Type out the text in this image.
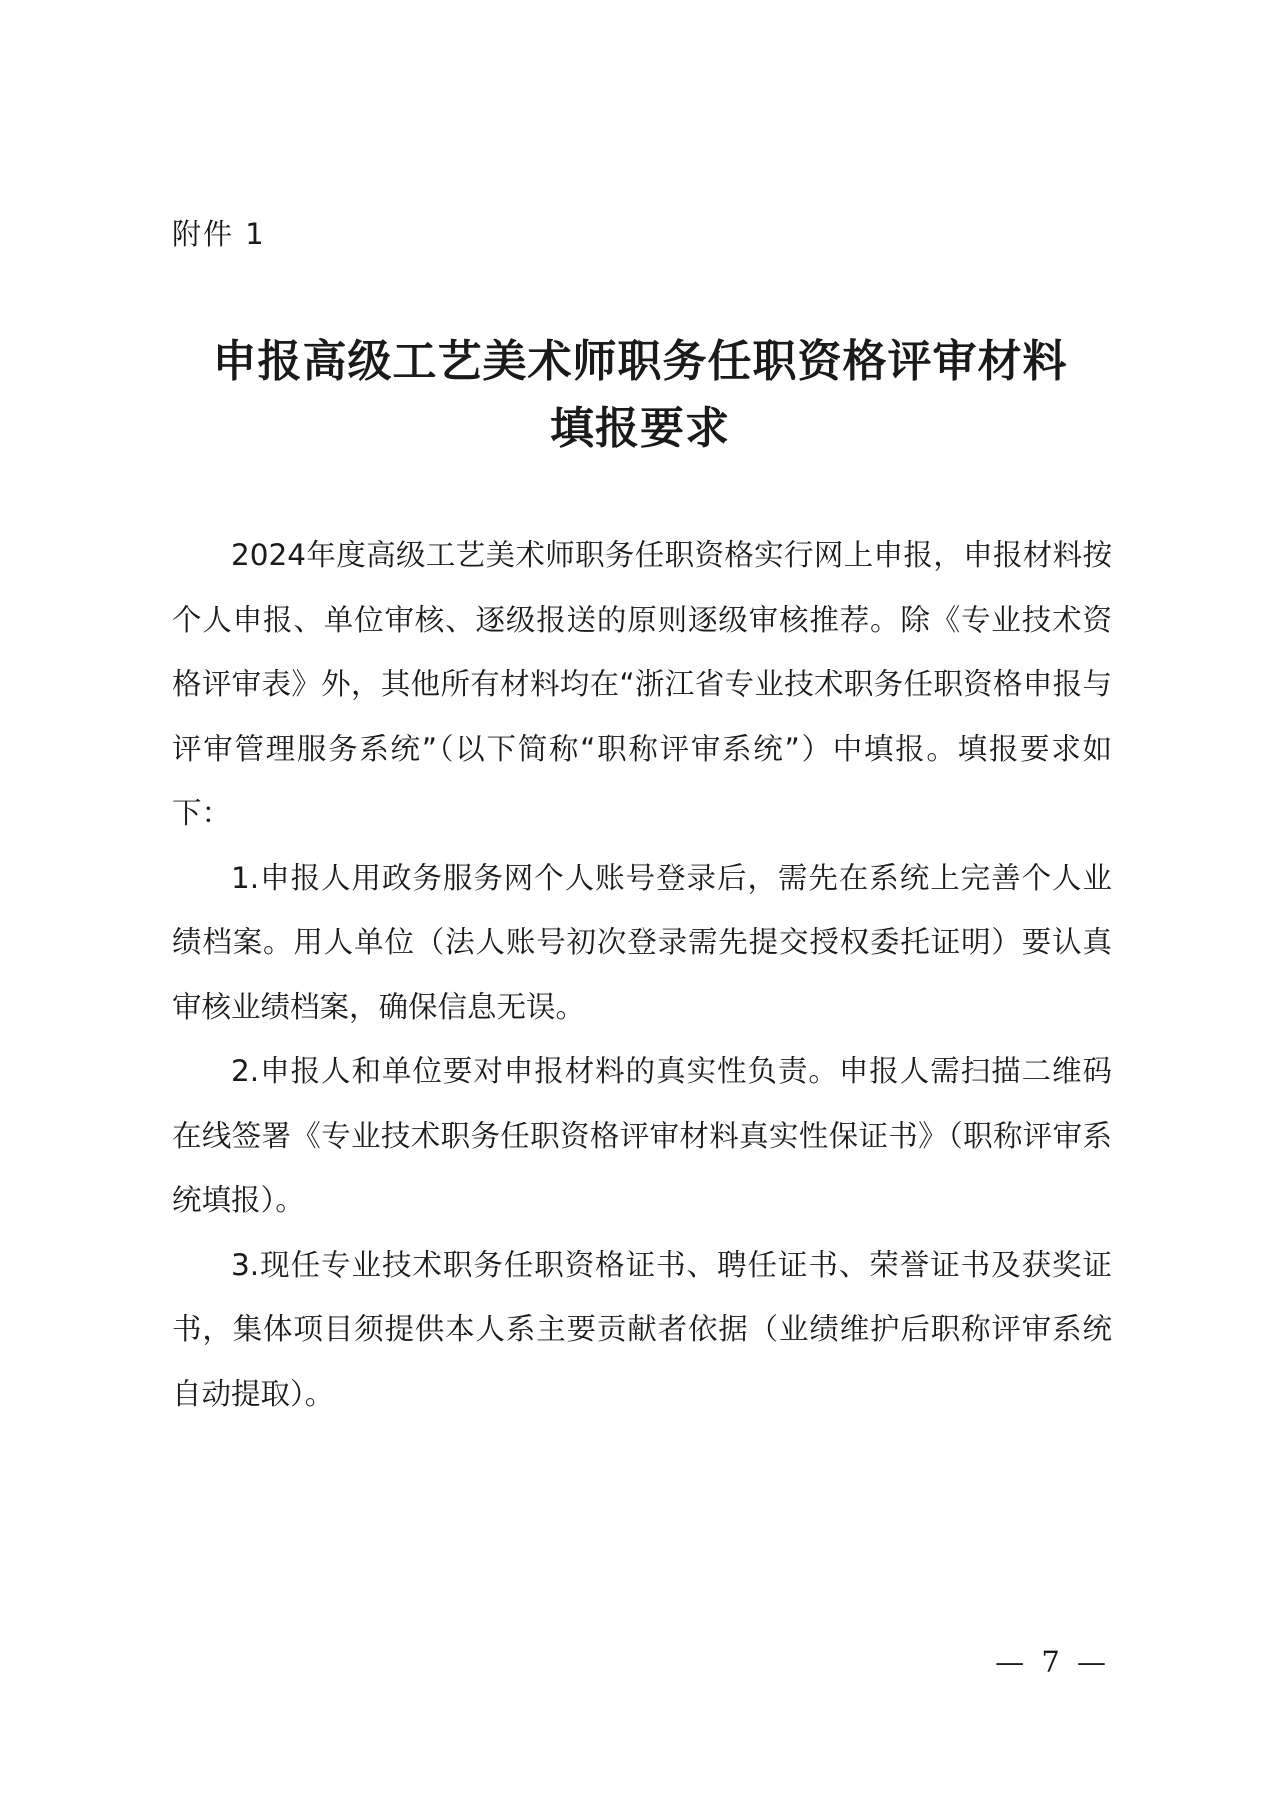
附件 1
申报高级工艺美术师职务任职资格评审材料
填报要求

2024年度高级工艺美术师职务任职资格实行网上申报，申报材料按个人申报、单位审核、逐级报送的原则逐级审核推荐。除《专业技术资格评审表》外，其他所有材料均在“浙江省专业技术职务任职资格申报与评审管理服务系统”（以下简称“职称评审系统”）中填报。填报要求如下：

1.申报人用政务服务网个人账号登录后，需先在系统上完善个人业绩档案。用人单位（法人账号初次登录需先提交授权委托证明）要认真审核业绩档案，确保信息无误。

2.申报人和单位要对申报材料的真实性负责。申报人需扫描二维码在线签署《专业技术职务任职资格评审材料真实性保证书》（职称评审系统填报）。

3.现任专业技术职务任职资格证书、聘任证书、荣誉证书及获奖证书，集体项目须提供本人系主要贡献者依据（业绩维护后职称评审系统自动提取）。

— 7 —
